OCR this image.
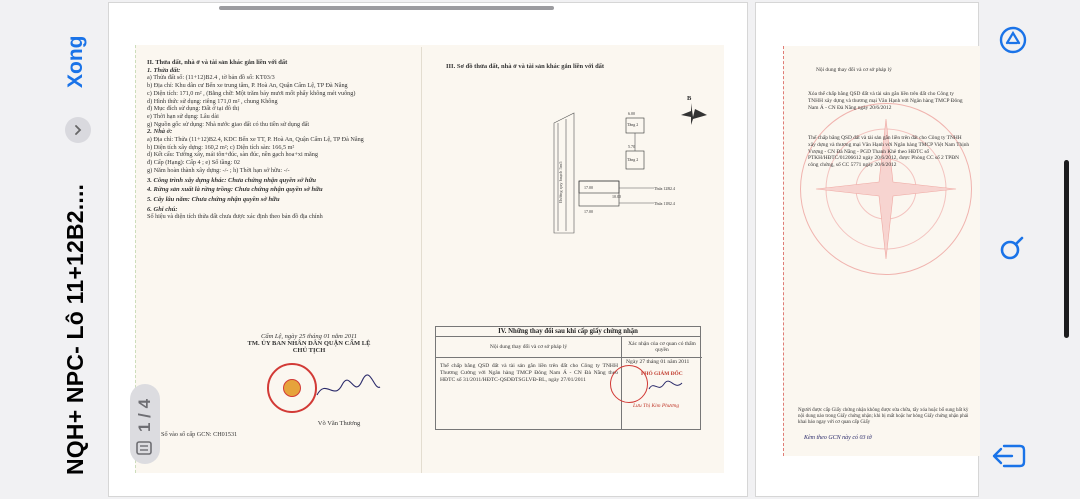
NQH+ NPC- Lô 11+12B2....
Xong	II. Thửa đất, nhà ở và tài sản khác gắn liền với đất
1. Thửa đất:
a) Thửa đất số: (11+12)B2.4 , tờ bản đồ số: KT03/3
b) Địa chỉ: Khu dân cư Bến xe trung tâm, P. Hoà An, Quận Cẩm Lệ, TP Đà Nẵng
c) Diện tích: 171,0 m² , (Bằng chữ: Một trăm bảy mươi mốt phẩy không mét vuông)
d) Hình thức sử dụng: riêng 171,0 m² , chung Không
đ) Mục đích sử dụng: Đất ở tại đô thị
e) Thời hạn sử dụng: Lâu dài
g) Nguồn gốc sử dụng: Nhà nước giao đất có thu tiền sử dụng đất
2. Nhà ở:
a) Địa chỉ: Thửa (11+12)B2.4, KDC Bến xe TT, P. Hoà An, Quận Cẩm Lệ, TP Đà Nẵng
b) Diện tích xây dựng: 160,2 m²; c) Diện tích sàn: 166,5 m²
d) Kết cấu: Tường xây, mái tôn+đúc, sàn đúc, nền gạch hoa+xi măng
đ) Cấp (Hạng): Cấp 4 ; e) Số tầng: 02
g) Năm hoàn thành xây dựng: -/- ; h) Thời hạn sở hữu: -/-
3. Công trình xây dựng khác: Chưa chứng nhận quyền sở hữu
4. Rừng sản xuất là rừng trồng: Chưa chứng nhận quyền sở hữu
5. Cây lâu năm: Chưa chứng nhận quyền sở hữu
6. Ghi chú:
Số hiệu và diện tích thửa đất chưa được xác định theo bản đồ địa chính
Cẩm Lệ, ngày 25 tháng 01 năm 2011
TM. ỦY BAN NHÂN DÂN QUẬN CẨM LỆ
CHỦ TỊCH
Võ Văn Thương
Số vào sổ cấp GCN: CH01531
III. Sơ đồ thửa đất, nhà ở và tài sản khác gắn liền với đất
Đường quy hoạch 5m5
Tầng 2
Tầng 2
Thửa 12B2.4
Thửa 11B2.4
17.00
17.00
6.00
5.70
10.00
B
IV. Những thay đổi sau khi cấp giấy chứng nhận
Nội dung thay đổi và cơ sở pháp lý
Xác nhận của cơ quan có thẩm quyền
Thế chấp bằng QSD đất và tài sản gắn liền trên đất cho Công ty TNHH Thương Cường với Ngân hàng TMCP Đông Nam Á - CN Đà Nẵng theo HĐTC số 31/2011/HĐTC-QSDĐTSGLVĐ-BL, ngày 27/01/2011
Ngày 27 tháng 01 năm 2011
PHÓ GIÁM ĐỐC
Lưu Thị Kim Phương
1 / 4
Nội dung thay đổi và cơ sở pháp lý
Xóa thế chấp bằng QSD đất và tài sản gắn liền trên đất cho Công ty TNHH xây dựng và thương mại Văn Hạnh với Ngân hàng TMCP Đông Nam Á - CN Đà Nẵng ngày 20/6/2012
Thế chấp bằng QSD đất và tài sản gắn liền trên đất cho Công ty TNHH xây dựng và thương mại Văn Hạnh với Ngân hàng TMCP Việt Nam Thịnh Vượng - CN Đà Nẵng - PGD Thanh Khê theo HĐTC số PTKH/HĐTC/01206612 ngày 20/6/2012, được Phòng CC số 2 TPĐN công chứng, số CC 5771 ngày 20/6/2012
Người được cấp Giấy chứng nhận không được sửa chữa, tẩy xóa hoặc bổ sung bất kỳ nội dung nào trong Giấy chứng nhận; khi bị mất hoặc hư hỏng Giấy chứng nhận phải khai báo ngay với cơ quan cấp Giấy
Kèm theo GCN này có 03 tờ
